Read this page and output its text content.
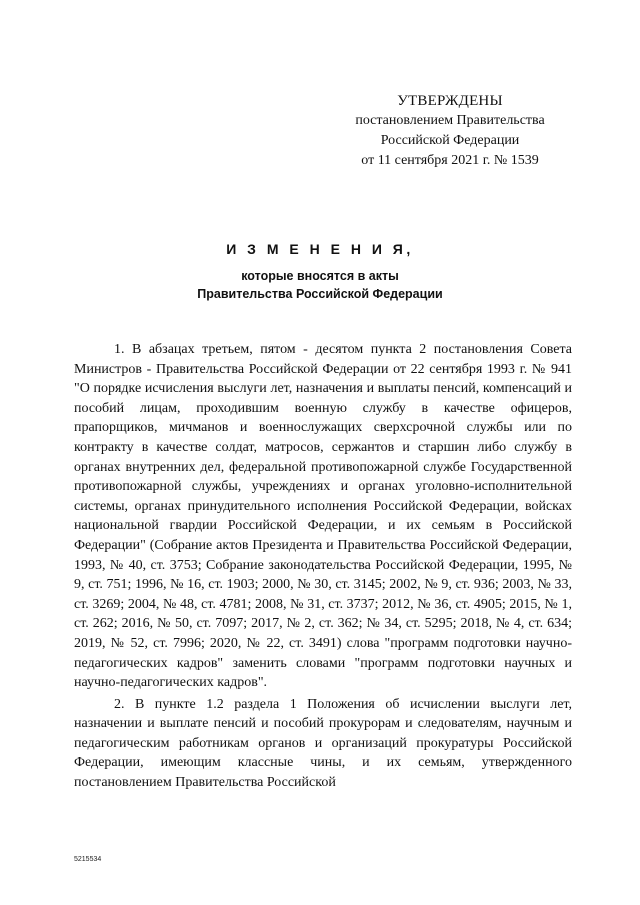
УТВЕРЖДЕНЫ
постановлением Правительства
Российской Федерации
от 11 сентября 2021 г. № 1539
И З М Е Н Е Н И Я,
которые вносятся в акты
Правительства Российской Федерации

1. В абзацах третьем, пятом - десятом пункта 2 постановления Совета Министров - Правительства Российской Федерации от 22 сентября 1993 г. № 941 "О порядке исчисления выслуги лет, назначения и выплаты пенсий, компенсаций и пособий лицам, проходившим военную службу в качестве офицеров, прапорщиков, мичманов и военнослужащих сверхсрочной службы или по контракту в качестве солдат, матросов, сержантов и старшин либо службу в органах внутренних дел, федеральной противопожарной службе Государственной противопожарной службы, учреждениях и органах уголовно-исполнительной системы, органах принудительного исполнения Российской Федерации, войсках национальной гвардии Российской Федерации, и их семьям в Российской Федерации" (Собрание актов Президента и Правительства Российской Федерации, 1993, № 40, ст. 3753; Собрание законодательства Российской Федерации, 1995, № 9, ст. 751; 1996, № 16, ст. 1903; 2000, № 30, ст. 3145; 2002, № 9, ст. 936; 2003, № 33, ст. 3269; 2004, № 48, ст. 4781; 2008, № 31, ст. 3737; 2012, № 36, ст. 4905; 2015, № 1, ст. 262; 2016, № 50, ст. 7097; 2017, № 2, ст. 362; № 34, ст. 5295; 2018, № 4, ст. 634; 2019, № 52, ст. 7996; 2020, № 22, ст. 3491) слова "программ подготовки научно-педагогических кадров" заменить словами "программ подготовки научных и научно-педагогических кадров".

2. В пункте 1.2 раздела 1 Положения об исчислении выслуги лет, назначении и выплате пенсий и пособий прокурорам и следователям, научным и педагогическим работникам органов и организаций прокуратуры Российской Федерации, имеющим классные чины, и их семьям, утвержденного постановлением Правительства Российской

5215534
